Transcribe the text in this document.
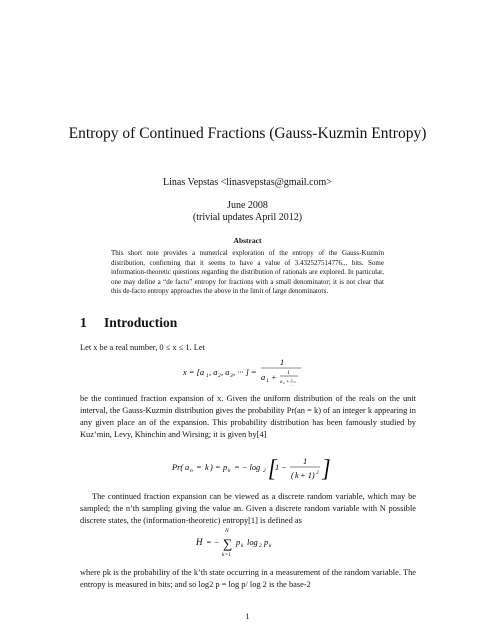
Entropy of Continued Fractions (Gauss-Kuzmin Entropy)
Linas Vepstas <linasvepstas@gmail.com>
June 2008
(trivial updates April 2012)
Abstract

This short note provides a numerical exploration of the entropy of the Gauss-Kuzmin distribution, confirming that it seems to have a value of 3.432527514776... bits. Some information-theoretic questions regarding the distribution of rationals are explored. In particular, one may define a “de facto” entropy for fractions with a small denominator; it is not clear that this de-facto entropy approaches the above in the limit of large denominators.

1 Introduction

Let x be a real number, 0 ≤ x ≤ 1. Let

x = [a 1 , a 2 , a 3 , ··· ] =
1
a 1 + 1
a 2 + 1
···

be the continued fraction expansion of x. Given the uniform distribution of the reals on the unit interval, the Gauss-Kuzmin distribution gives the probability Pr(an = k) of an integer k appearing in any given place an of the expansion. This probability distribution has been famously studied by Kuz’min, Levy, Khinchin and Wirsing; it is given by[4]

Pr( a n = k ) = p k = − log 2 [
1 −
1
( k + 1) 2 ]

The continued fraction expansion can be viewed as a discrete random variable, which may be sampled; the n’th sampling giving the value an. Given a discrete random variable with N possible discrete states, the (information-theoretic) entropy[1] is defined as

H = −
N
∑
k=1
p k log 2 p k

where pk is the probability of the k’th state occurring in a measurement of the random variable. The entropy is measured in bits; and so log2 p = log p/ log 2 is the base-2

1
